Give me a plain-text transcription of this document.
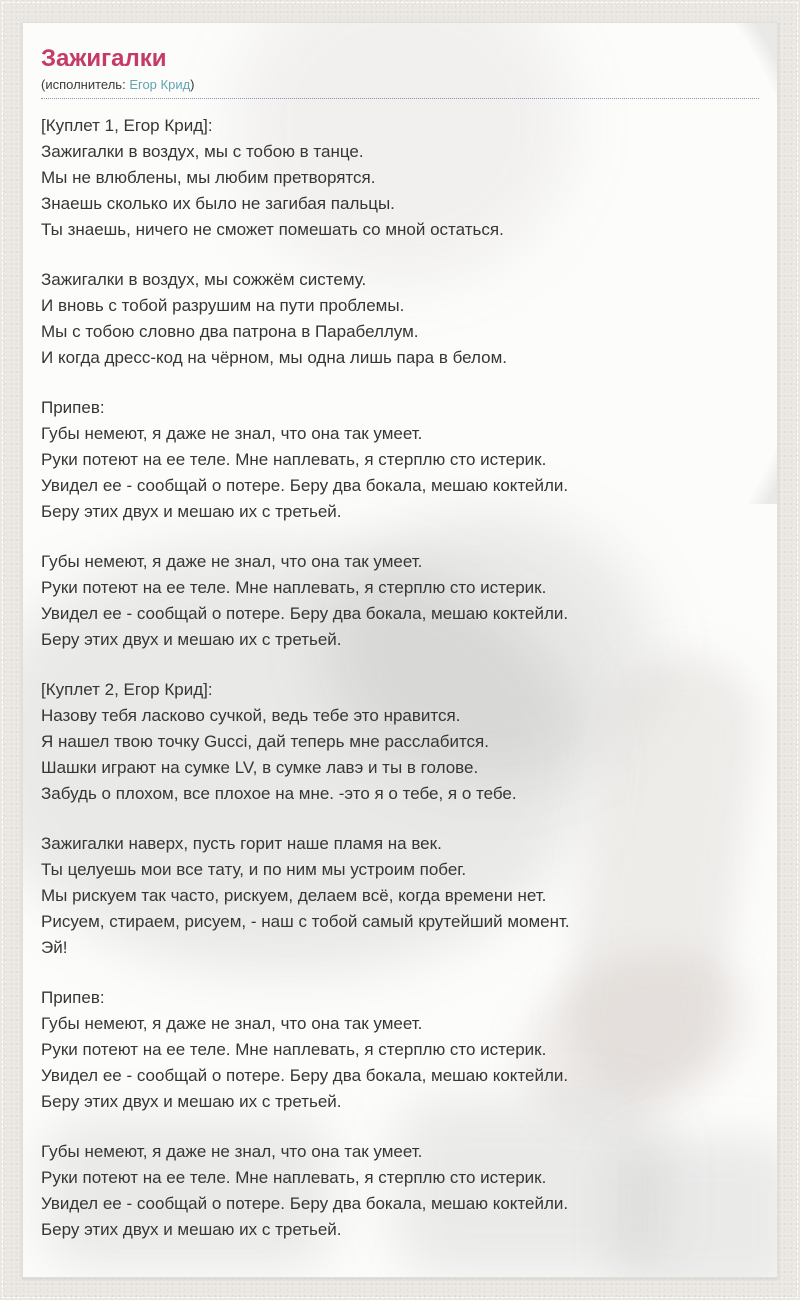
Зажигалки
(исполнитель: Егор Крид)

[Куплет 1, Егор Крид]:
Зажигалки в воздух, мы с тобою в танце.
Мы не влюблены, мы любим претворятся.
Знаешь сколько их было не загибая пальцы.
Ты знаешь, ничего не сможет помешать со мной остаться.

Зажигалки в воздух, мы сожжём систему.
И вновь с тобой разрушим на пути проблемы.
Мы с тобою словно два патрона в Парабеллум.
И когда дресс-код на чёрном, мы одна лишь пара в белом.

Припев:
Губы немеют, я даже не знал, что она так умеет.
Руки потеют на ее теле. Мне наплевать, я стерплю сто истерик.
Увидел ее - сообщай о потере. Беру два бокала, мешаю коктейли.
Беру этих двух и мешаю их с третьей.

Губы немеют, я даже не знал, что она так умеет.
Руки потеют на ее теле. Мне наплевать, я стерплю сто истерик.
Увидел ее - сообщай о потере. Беру два бокала, мешаю коктейли.
Беру этих двух и мешаю их с третьей.

[Куплет 2, Егор Крид]:
Назову тебя ласково сучкой, ведь тебе это нравится.
Я нашел твою точку Gucci, дай теперь мне расслабится.
Шашки играют на сумке LV, в сумке лавэ и ты в голове.
Забудь о плохом, все плохое на мне. -это я о тебе, я о тебе.

Зажигалки наверх, пусть горит наше пламя на век.
Ты целуешь мои все тату, и по ним мы устроим побег.
Мы рискуем так часто, рискуем, делаем всё, когда времени нет.
Рисуем, стираем, рисуем, - наш с тобой самый крутейший момент.
Эй!

Припев:
Губы немеют, я даже не знал, что она так умеет.
Руки потеют на ее теле. Мне наплевать, я стерплю сто истерик.
Увидел ее - сообщай о потере. Беру два бокала, мешаю коктейли.
Беру этих двух и мешаю их с третьей.

Губы немеют, я даже не знал, что она так умеет.
Руки потеют на ее теле. Мне наплевать, я стерплю сто истерик.
Увидел ее - сообщай о потере. Беру два бокала, мешаю коктейли.
Беру этих двух и мешаю их с третьей.
